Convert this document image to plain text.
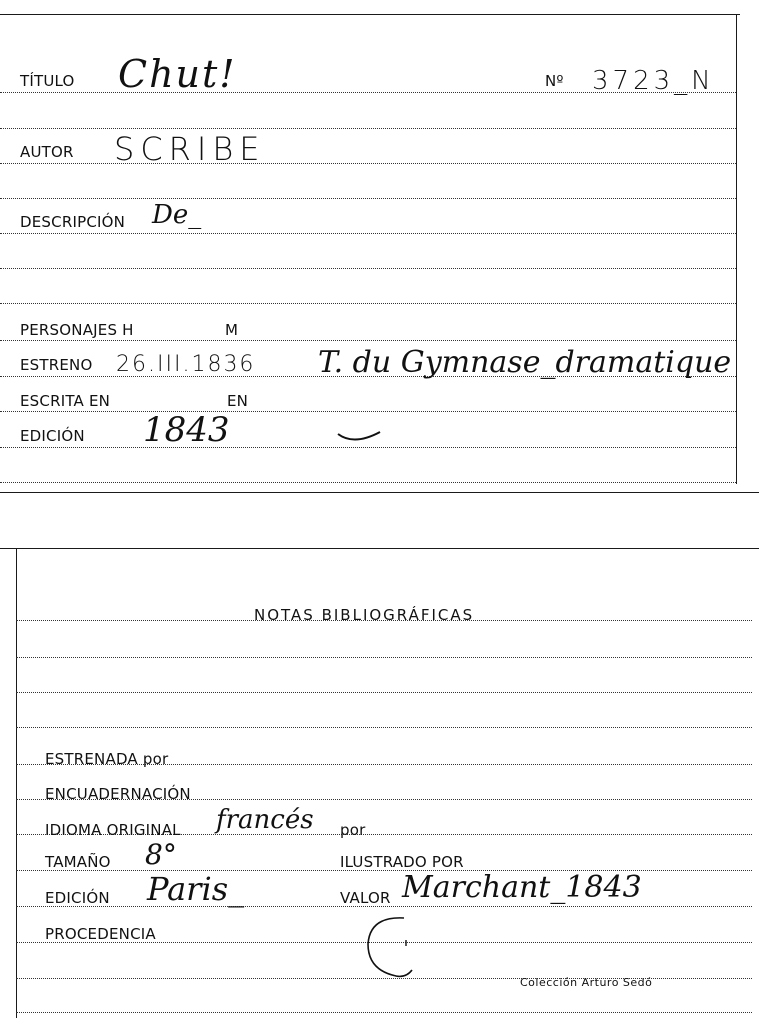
TÍTULO Chut!	Nº 3723_N
AUTOR SCRIBE
DESCRIPCIÓN De_
PERSONAJES H	M
ESTRENO 26.III.1836 T. du Gymnase_dramatique
ESCRITA EN	EN
EDICIÓN 1843
NOTAS BIBLIOGRÁFICAS
ESTRENADA por
ENCUADERNACIÓN
IDIOMA ORIGINAL francés por
TAMAÑO 8°	ILUSTRADO POR
EDICIÓN Paris_	VALOR Marchant_1843
PROCEDENCIA
Colección Arturo Sedó
